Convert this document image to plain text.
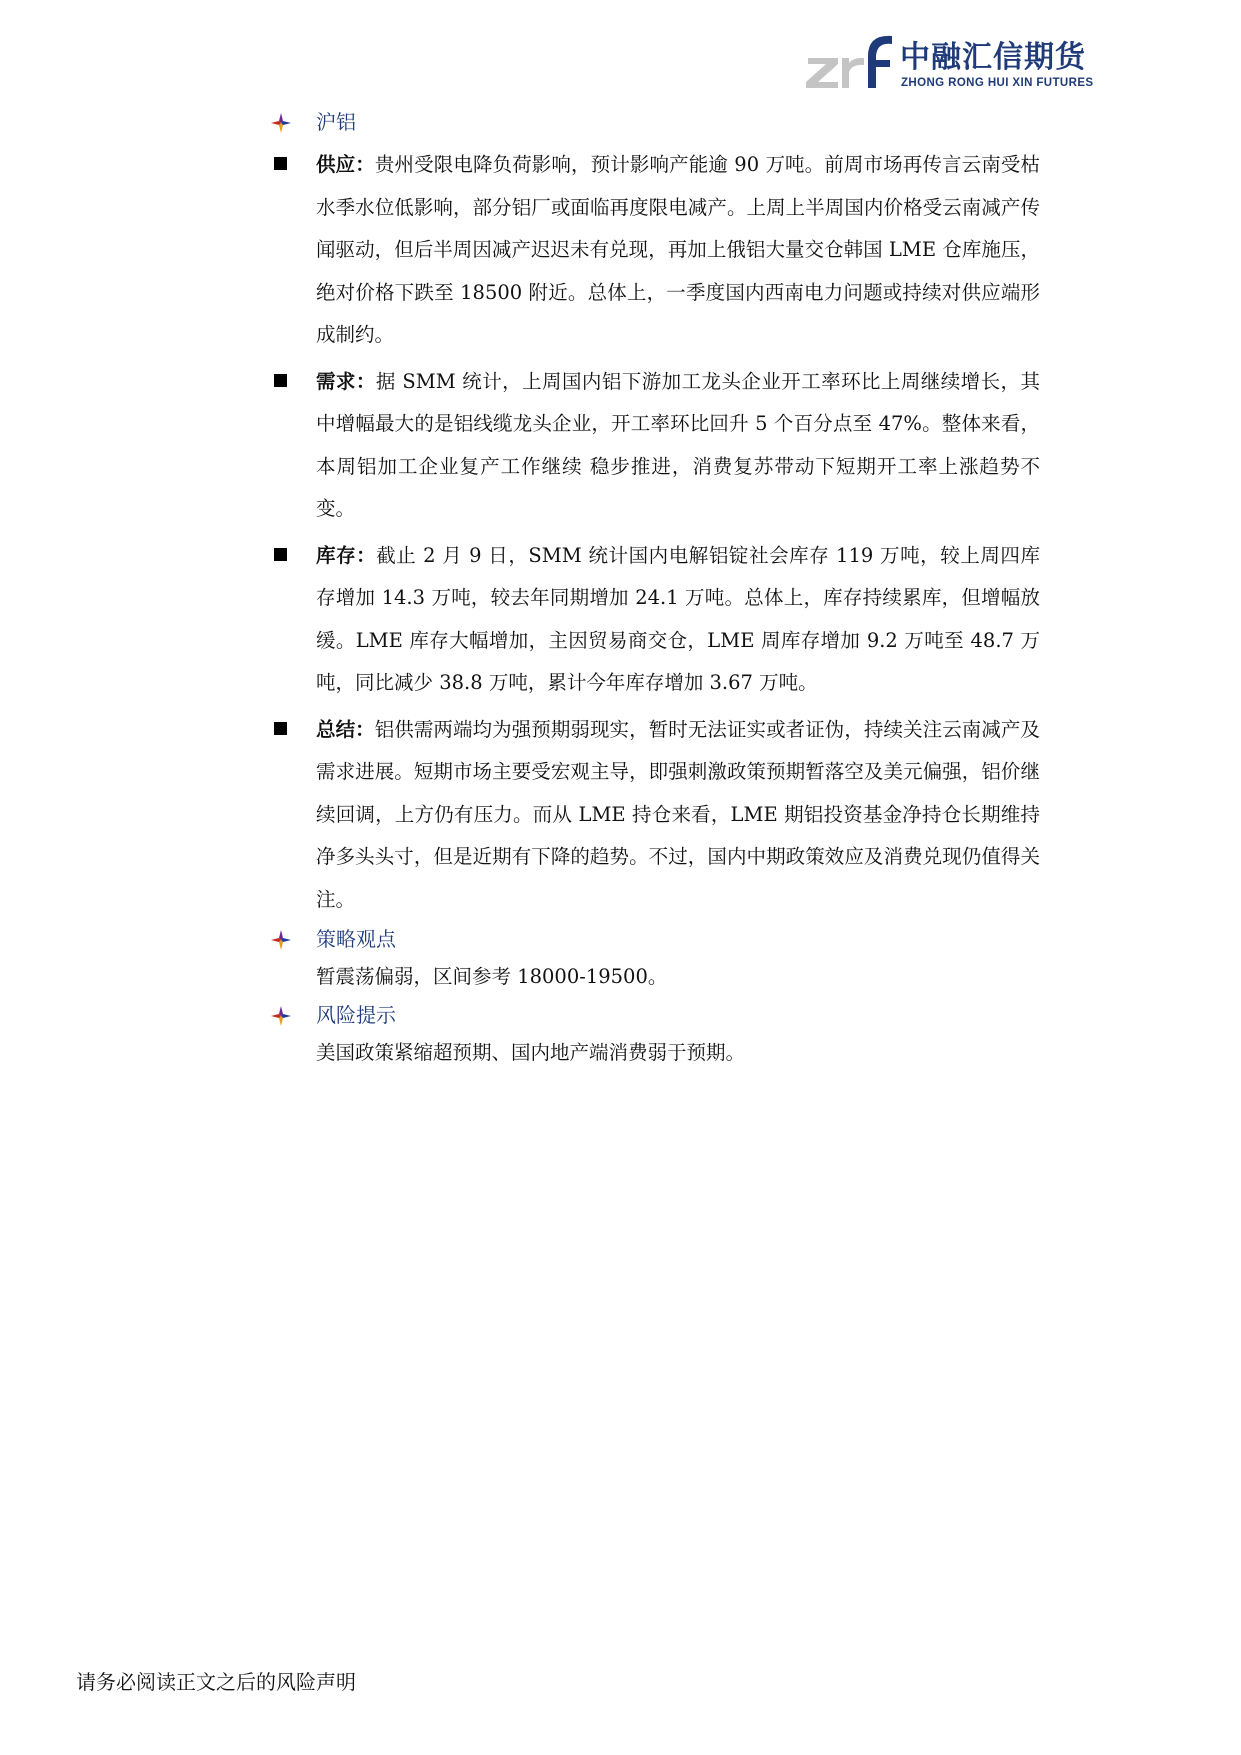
中融汇信期货
ZHONG RONG HUI XIN FUTURES
沪铝
供应：贵州受限电降负荷影响，预计影响产能逾 90 万吨。前周市场再传言云南受枯水季水位低影响，部分铝厂或面临再度限电减产。上周上半周国内价格受云南减产传闻驱动，但后半周因减产迟迟未有兑现，再加上俄铝大量交仓韩国 LME 仓库施压，绝对价格下跌至 18500 附近。总体上，一季度国内西南电力问题或持续对供应端形成制约。
需求：据 SMM 统计，上周国内铝下游加工龙头企业开工率环比上周继续增长，其中增幅最大的是铝线缆龙头企业，开工率环比回升 5 个百分点至 47%。整体来看，本周铝加工企业复产工作继续 稳步推进，消费复苏带动下短期开工率上涨趋势不变。
库存：截止 2 月 9 日，SMM 统计国内电解铝锭社会库存 119 万吨，较上周四库存增加 14.3 万吨，较去年同期增加 24.1 万吨。总体上，库存持续累库，但增幅放缓。LME 库存大幅增加，主因贸易商交仓，LME 周库存增加 9.2 万吨至 48.7 万吨，同比减少 38.8 万吨，累计今年库存增加 3.67 万吨。
总结：铝供需两端均为强预期弱现实，暂时无法证实或者证伪，持续关注云南减产及需求进展。短期市场主要受宏观主导，即强刺激政策预期暂落空及美元偏强，铝价继续回调，上方仍有压力。而从 LME 持仓来看，LME 期铝投资基金净持仓长期维持净多头头寸，但是近期有下降的趋势。不过，国内中期政策效应及消费兑现仍值得关注。
策略观点
暂震荡偏弱，区间参考 18000-19500。
风险提示
美国政策紧缩超预期、国内地产端消费弱于预期。
请务必阅读正文之后的风险声明
